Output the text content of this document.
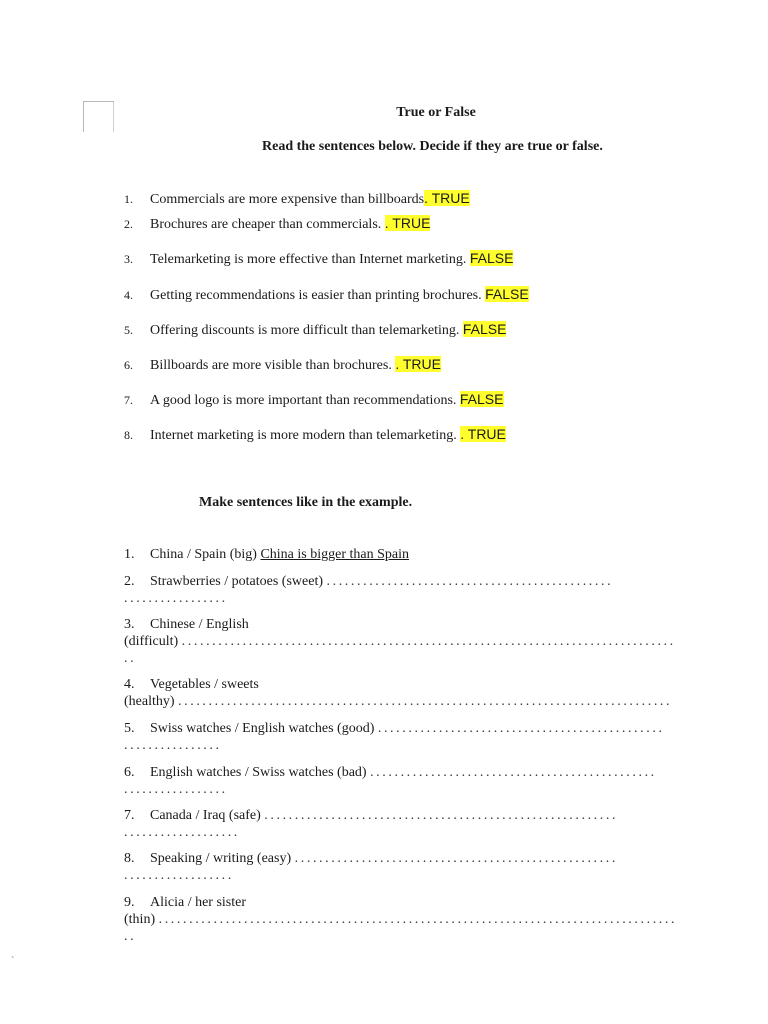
True or False
Read the sentences below. Decide if they are true or false.
1. Commercials are more expensive than billboards. TRUE
2. Brochures are cheaper than commercials. . TRUE
3. Telemarketing is more effective than Internet marketing. FALSE
4. Getting recommendations is easier than printing brochures. FALSE
5. Offering discounts is more difficult than telemarketing. FALSE
6. Billboards are more visible than brochures. . TRUE
7. A good logo is more important than recommendations. FALSE
8. Internet marketing is more modern than telemarketing. . TRUE
Make sentences like in the example.
1. China / Spain (big) China is bigger than Spain
2. Strawberries / potatoes (sweet) ...............................................
.................
3. Chinese / English
(difficult) .................................................................................
..
4. Vegetables / sweets
(healthy) .................................................................................
5. Swiss watches / English watches (good) ...............................................
................
6. English watches / Swiss watches (bad) ...............................................
.................
7. Canada / Iraq (safe) ..........................................................
...................
8. Speaking / writing (easy) .....................................................
..................
9. Alicia / her sister
(thin) .....................................................................................
..
`
